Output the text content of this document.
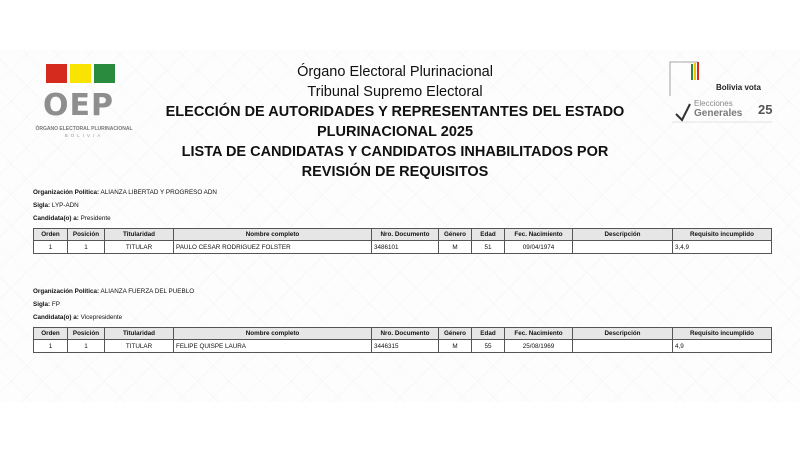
OEP
ÓRGANO ELECTORAL PLURINACIONAL
BOLIVIA
Órgano Electoral Plurinacional
Tribunal Supremo Electoral
ELECCIÓN DE AUTORIDADES Y REPRESENTANTES DEL ESTADO PLURINACIONAL 2025
LISTA DE CANDIDATAS Y CANDIDATOS INHABILITADOS POR REVISIÓN DE REQUISITOS
Bolivia vota
Elecciones
Generales 25
Organización Política: ALIANZA LIBERTAD Y PROGRESO ADN
Sigla: LYP-ADN
Candidata(o) a: Presidente
Orden	Posición	Titularidad	Nombre completo	Nro. Documento	Género	Edad	Fec. Nacimiento	Descripción	Requisito incumplido
1	1	TITULAR	PAULO CESAR RODRIGUEZ FOLSTER	3486101	M	51	09/04/1974		3,4,9
Organización Política: ALIANZA FUERZA DEL PUEBLO
Sigla: FP
Candidata(o) a: Vicepresidente
Orden	Posición	Titularidad	Nombre completo	Nro. Documento	Género	Edad	Fec. Nacimiento	Descripción	Requisito incumplido
1	1	TITULAR	FELIPE QUISPE LAURA	3446315	M	55	25/08/1969		4,9
